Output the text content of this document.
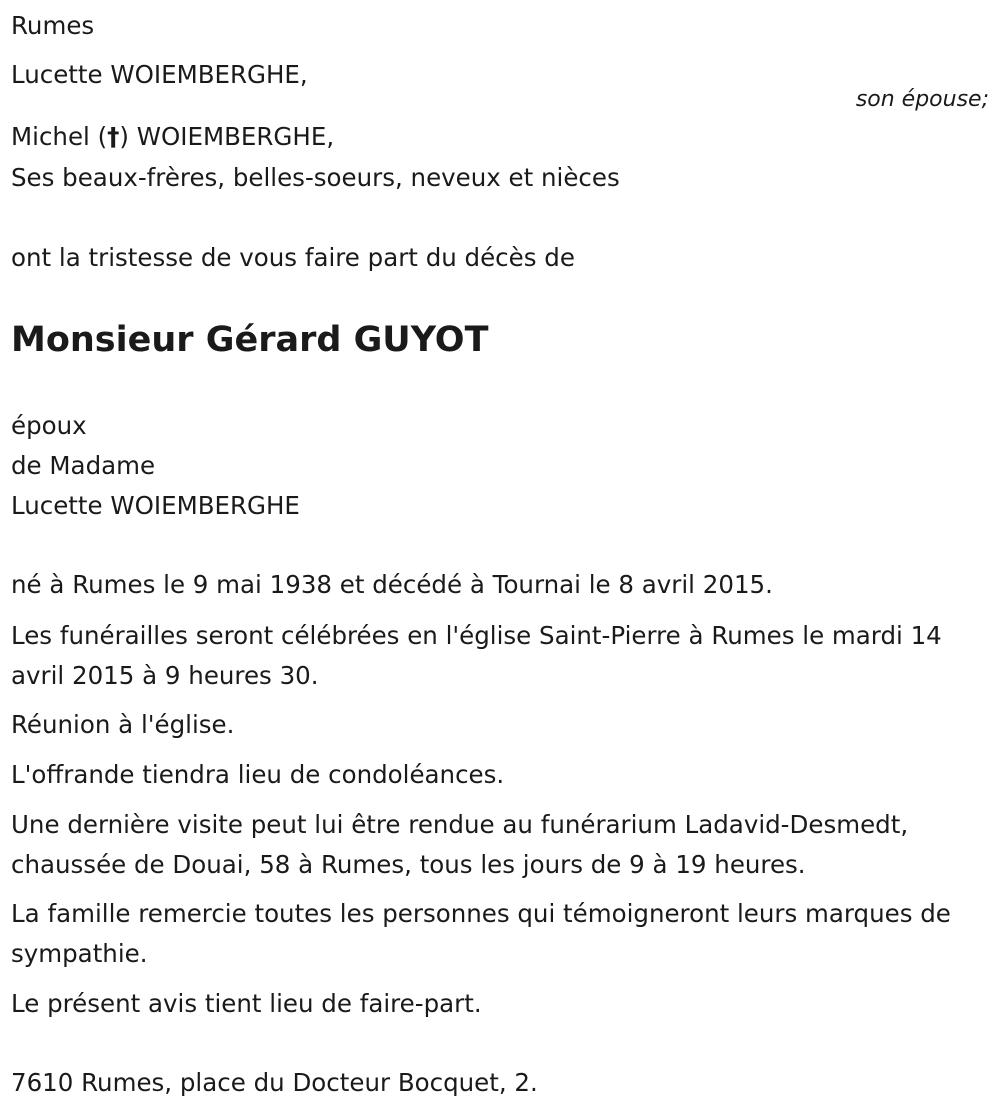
Rumes
Lucette WOIEMBERGHE,
son épouse;
Michel (†) WOIEMBERGHE,
Ses beaux-frères, belles-soeurs, neveux et nièces
ont la tristesse de vous faire part du décès de
Monsieur Gérard GUYOT
époux
de Madame
Lucette WOIEMBERGHE
né à Rumes le 9 mai 1938 et décédé à Tournai le 8 avril 2015.
Les funérailles seront célébrées en l'église Saint-Pierre à Rumes le mardi 14 avril 2015 à 9 heures 30.
Réunion à l'église.
L'offrande tiendra lieu de condoléances.
Une dernière visite peut lui être rendue au funérarium Ladavid-Desmedt, chaussée de Douai, 58 à Rumes, tous les jours de 9 à 19 heures.
La famille remercie toutes les personnes qui témoigneront leurs marques de sympathie.
Le présent avis tient lieu de faire-part.
7610 Rumes, place du Docteur Bocquet, 2.
